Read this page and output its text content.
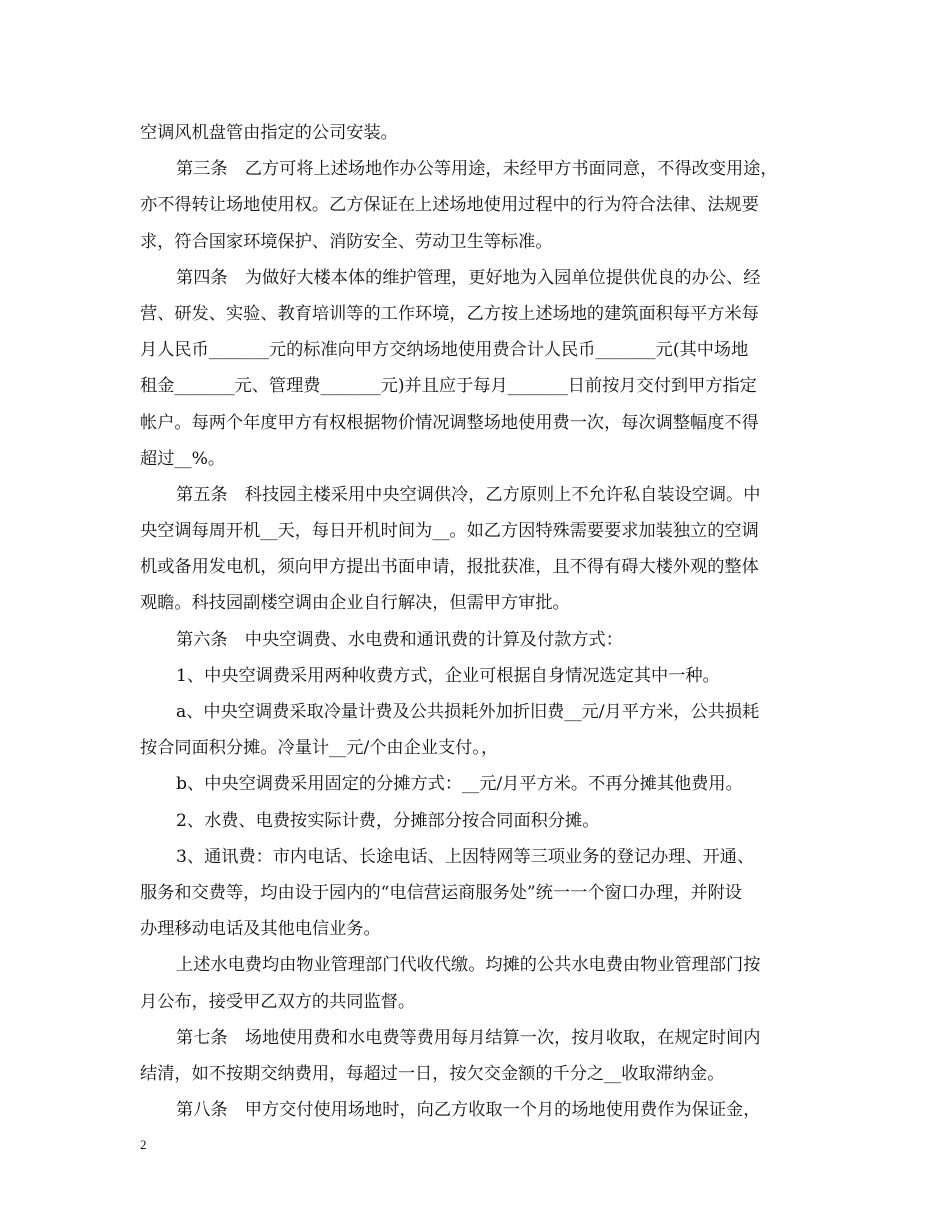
空调风机盘管由指定的公司安装。
第三条　乙方可将上述场地作办公等用途，未经甲方书面同意，不得改变用途，
亦不得转让场地使用权。乙方保证在上述场地使用过程中的行为符合法律、法规要
求，符合国家环境保护、消防安全、劳动卫生等标准。
第四条　为做好大楼本体的维护管理，更好地为入园单位提供优良的办公、经
营、研发、实验、教育培训等的工作环境，乙方按上述场地的建筑面积每平方米每
月人民币_______元的标准向甲方交纳场地使用费合计人民币_______元(其中场地
租金_______元、管理费_______元)并且应于每月_______日前按月交付到甲方指定
帐户。每两个年度甲方有权根据物价情况调整场地使用费一次，每次调整幅度不得
超过__%。
第五条　科技园主楼采用中央空调供冷，乙方原则上不允许私自装设空调。中
央空调每周开机__天，每日开机时间为__。如乙方因特殊需要要求加装独立的空调
机或备用发电机，须向甲方提出书面申请，报批获准，且不得有碍大楼外观的整体
观瞻。科技园副楼空调由企业自行解决，但需甲方审批。
第六条　中央空调费、水电费和通讯费的计算及付款方式：
1、中央空调费采用两种收费方式，企业可根据自身情况选定其中一种。
a、中央空调费采取冷量计费及公共损耗外加折旧费__元/月平方米，公共损耗
按合同面积分摊。冷量计__元/个由企业支付。，
b、中央空调费采用固定的分摊方式：__元/月平方米。不再分摊其他费用。
2、水费、电费按实际计费，分摊部分按合同面积分摊。
3、通讯费：市内电话、长途电话、上因特网等三项业务的登记办理、开通、
服务和交费等，均由设于园内的“电信营运商服务处”统一一个窗口办理，并附设
办理移动电话及其他电信业务。
上述水电费均由物业管理部门代收代缴。均摊的公共水电费由物业管理部门按
月公布，接受甲乙双方的共同监督。
第七条　场地使用费和水电费等费用每月结算一次，按月收取，在规定时间内
结清，如不按期交纳费用，每超过一日，按欠交金额的千分之__收取滞纳金。
第八条　甲方交付使用场地时，向乙方收取一个月的场地使用费作为保证金，
2
